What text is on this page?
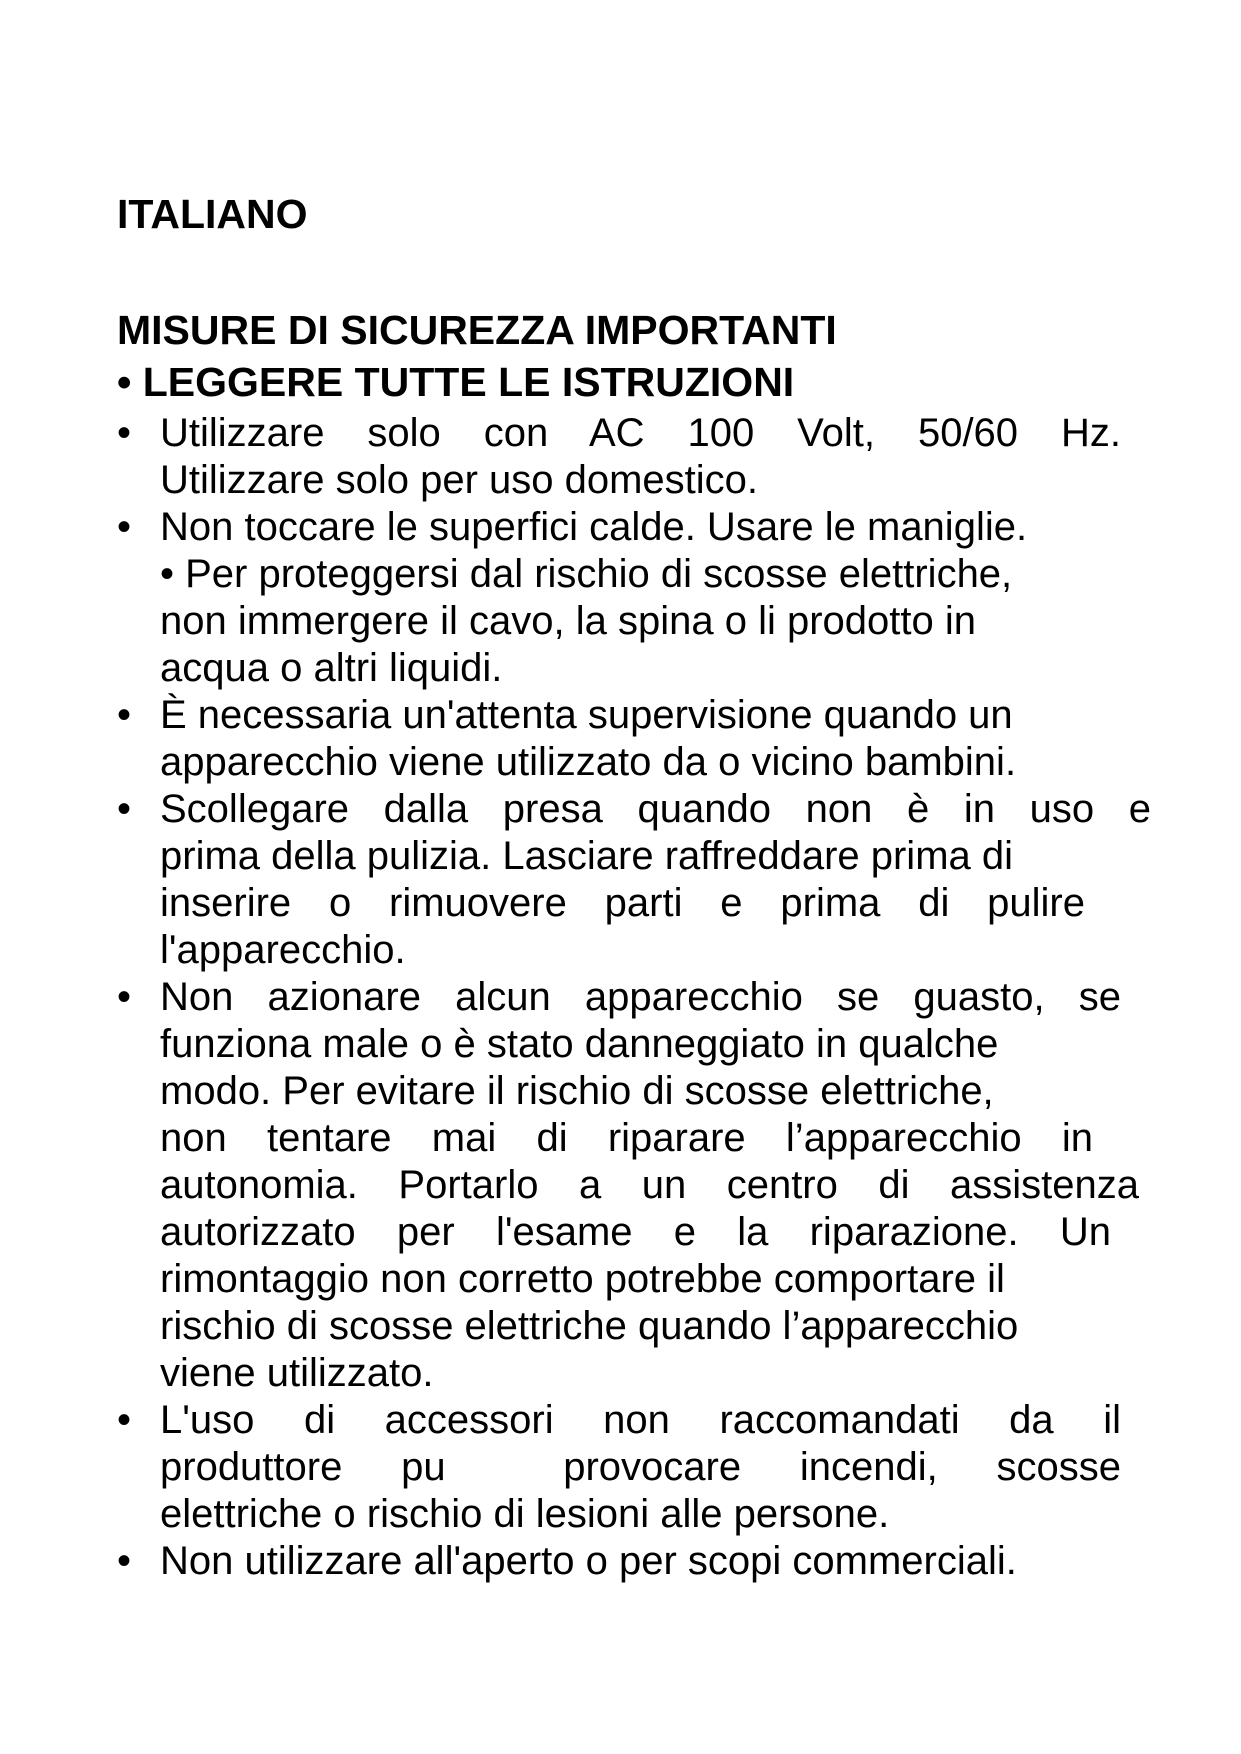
ITALIANO
MISURE DI SICUREZZA IMPORTANTI
• LEGGERE TUTTE LE ISTRUZIONI
• Utilizzare solo con AC 100 Volt, 50/60 Hz.
Utilizzare solo per uso domestico.
• Non toccare le superfici calde. Usare le maniglie.
• Per proteggersi dal rischio di scosse elettriche,
non immergere il cavo, la spina o li prodotto in
acqua o altri liquidi.
• È necessaria un'attenta supervisione quando un
apparecchio viene utilizzato da o vicino bambini.
• Scollegare dalla presa quando non è in uso e
prima della pulizia. Lasciare raffreddare prima di
inserire o rimuovere parti e prima di pulire
l'apparecchio.
• Non azionare alcun apparecchio se guasto, se
funziona male o è stato danneggiato in qualche
modo. Per evitare il rischio di scosse elettriche,
non tentare mai di riparare l’apparecchio in
autonomia. Portarlo a un centro di assistenza
autorizzato per l'esame e la riparazione. Un
rimontaggio non corretto potrebbe comportare il
rischio di scosse elettriche quando l’apparecchio
viene utilizzato.
• L'uso di accessori non raccomandati da il
produttore pu  provocare incendi, scosse
elettriche o rischio di lesioni alle persone.
• Non utilizzare all'aperto o per scopi commerciali.
